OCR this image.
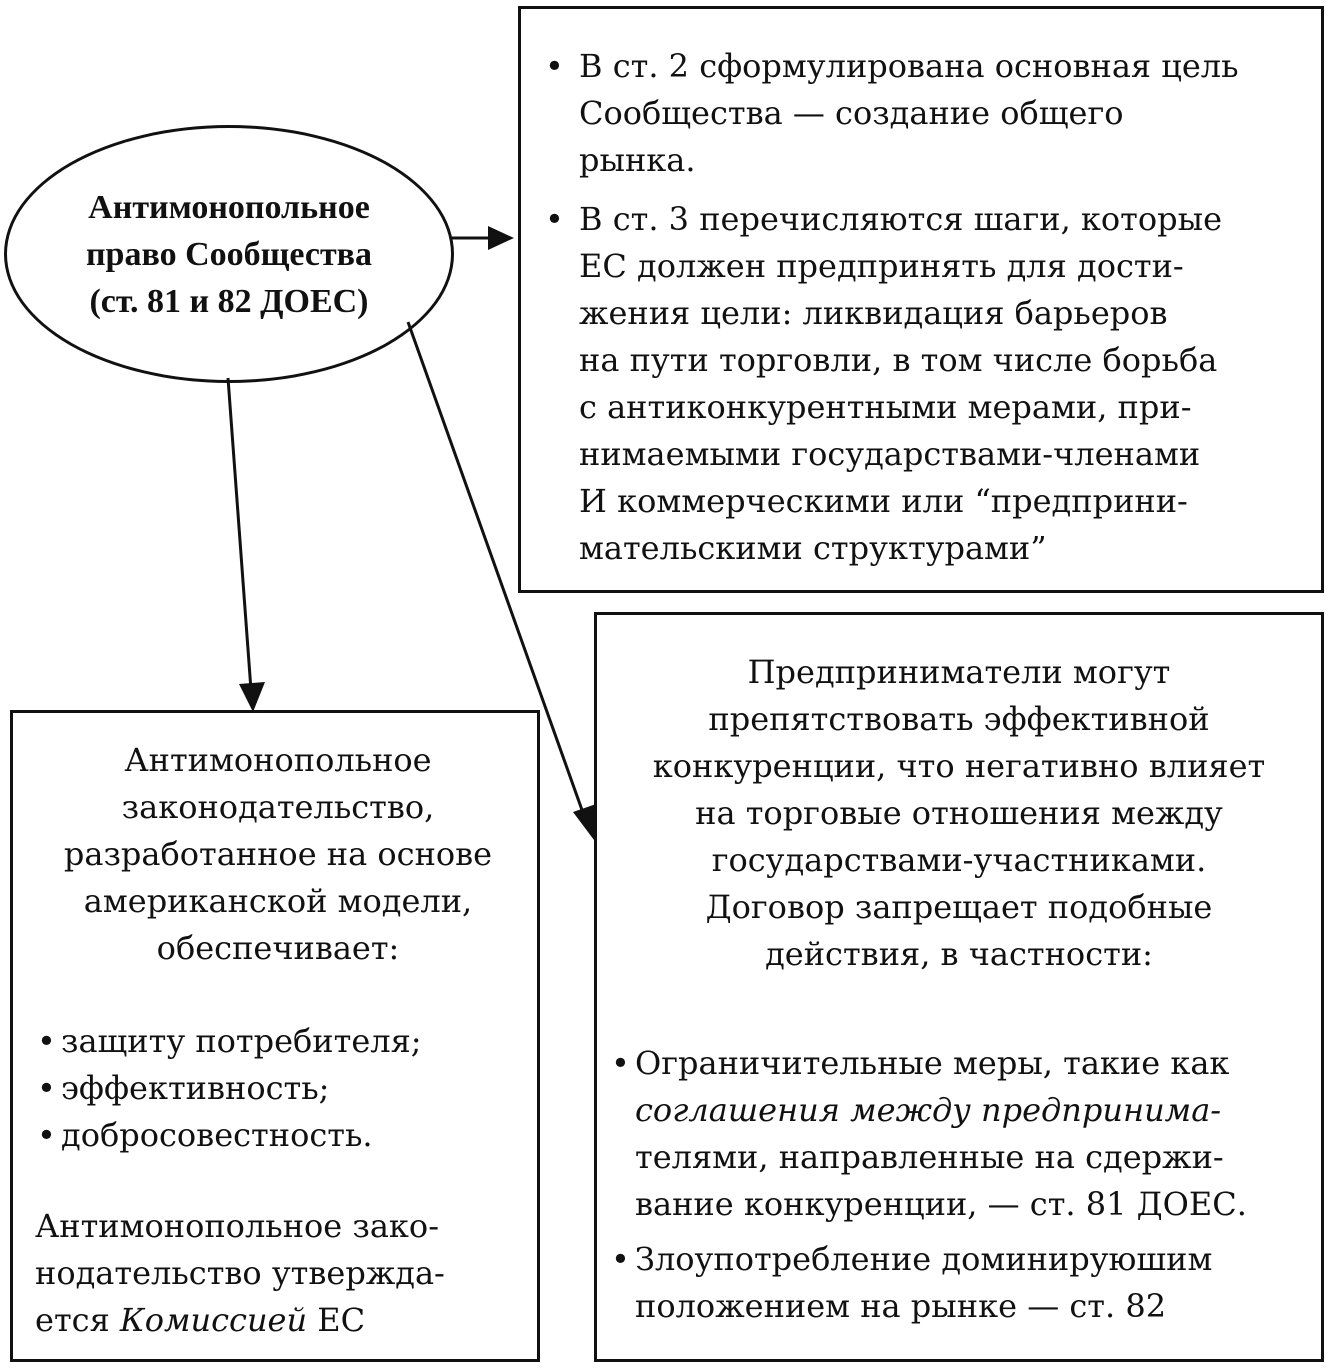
Антимонопольное
право Сообщества
(ст. 81 и 82 ДОЕС)
• В ст. 2 сформулирована основная цель
Сообщества — создание общего
рынка.
• В ст. 3 перечисляются шаги, которые
ЕС должен предпринять для дости-
жения цели: ликвидация барьеров
на пути торговли, в том числе борьба
с антиконкурентными мерами, при-
нимаемыми государствами-членами
И коммерческими или “предприни-
мательскими структурами”
Антимонопольное
законодательство,
разработанное на основе
американской модели,
обеспечивает:
• защиту потребителя;
• эффективность;
• добросовестность.
Антимонопольное зако-
нодательство утвержда-
ется Комиссией ЕС
Предприниматели могут
препятствовать эффективной
конкуренции, что негативно влияет
на торговые отношения между
государствами-участниками.
Договор запрещает подобные
действия, в частности:
• Ограничительные меры, такие как
соглашения между предпринима-
телями, направленные на сдержи-
вание конкуренции, — ст. 81 ДОЕС.
• Злоупотребление доминируюшим
положением на рынке — ст. 82
